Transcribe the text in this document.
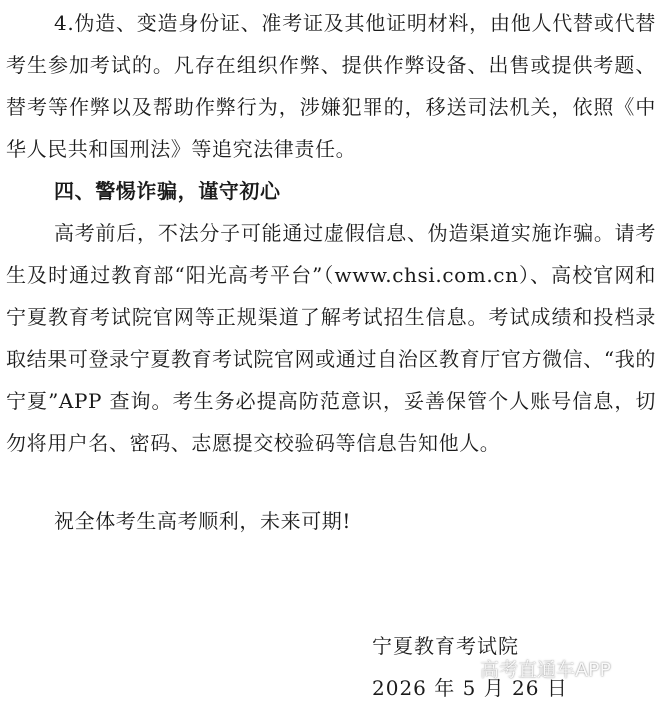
4.伪造、变造身份证、准考证及其他证明材料，由他人代替或代替考生参加考试的。凡存在组织作弊、提供作弊设备、出售或提供考题、替考等作弊以及帮助作弊行为，涉嫌犯罪的，移送司法机关，依照《中华人民共和国刑法》等追究法律责任。

四、警惕诈骗，谨守初心

高考前后，不法分子可能通过虚假信息、伪造渠道实施诈骗。请考生及时通过教育部“阳光高考平台”（www.chsi.com.cn）、高校官网和宁夏教育考试院官网等正规渠道了解考试招生信息。考试成绩和投档录取结果可登录宁夏教育考试院官网或通过自治区教育厅官方微信、“我的宁夏”APP 查询。考生务必提高防范意识，妥善保管个人账号信息，切勿将用户名、密码、志愿提交校验码等信息告知他人。

祝全体考生高考顺利，未来可期!

宁夏教育考试院
2026 年 5 月 26 日
高考直通车APP
